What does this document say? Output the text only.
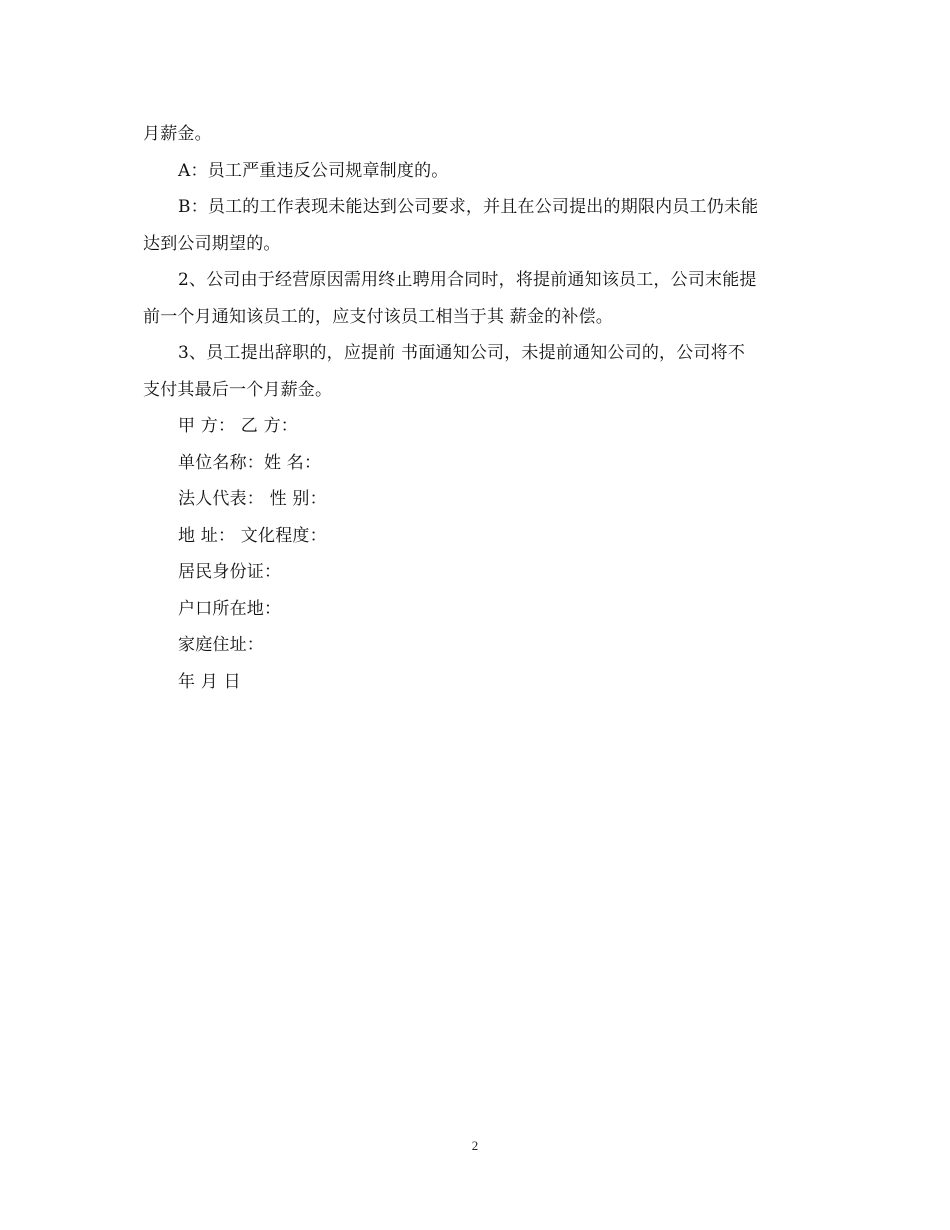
月薪金。
A：员工严重违反公司规章制度的。
B：员工的工作表现未能达到公司要求，并且在公司提出的期限内员工仍未能
达到公司期望的。
2、公司由于经营原因需用终止聘用合同时，将提前通知该员工，公司末能提
前一个月通知该员工的，应支付该员工相当于其 薪金的补偿。
3、员工提出辞职的，应提前 书面通知公司，未提前通知公司的，公司将不
支付其最后一个月薪金。
甲 方： 乙 方：
单位名称：姓 名：
法人代表： 性 别：
地 址： 文化程度：
居民身份证：
户口所在地：
家庭住址：
年 月 日
2
